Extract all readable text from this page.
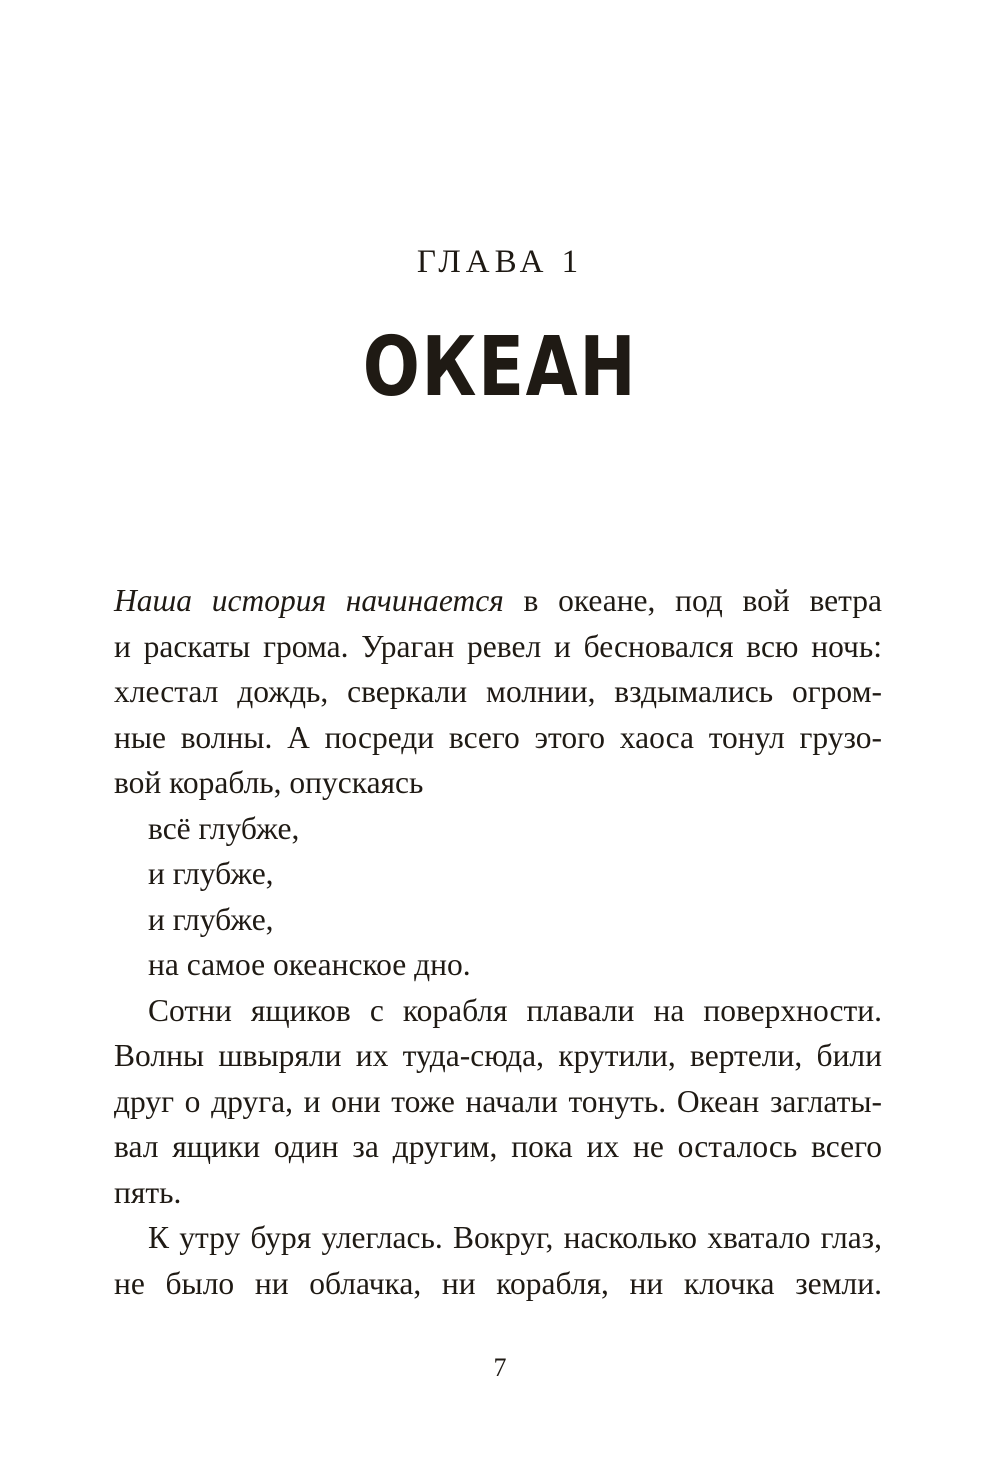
ГЛАВА 1
ОКЕАН
Наша история начинается в океане, под вой ветра
и раскаты грома. Ураган ревел и бесновался всю ночь:
хлестал дождь, сверкали молнии, вздымались огром-
ные волны. А посреди всего этого хаоса тонул грузо-
вой корабль, опускаясь
всё глубже,
и глубже,
и глубже,
на самое океанское дно.
Сотни ящиков с корабля плавали на поверхности.
Волны швыряли их туда-сюда, крутили, вертели, били
друг о друга, и они тоже начали тонуть. Океан заглаты-
вал ящики один за другим, пока их не осталось всего
пять.
К утру буря улеглась. Вокруг, насколько хватало глаз,
не было ни облачка, ни корабля, ни клочка земли.
7
